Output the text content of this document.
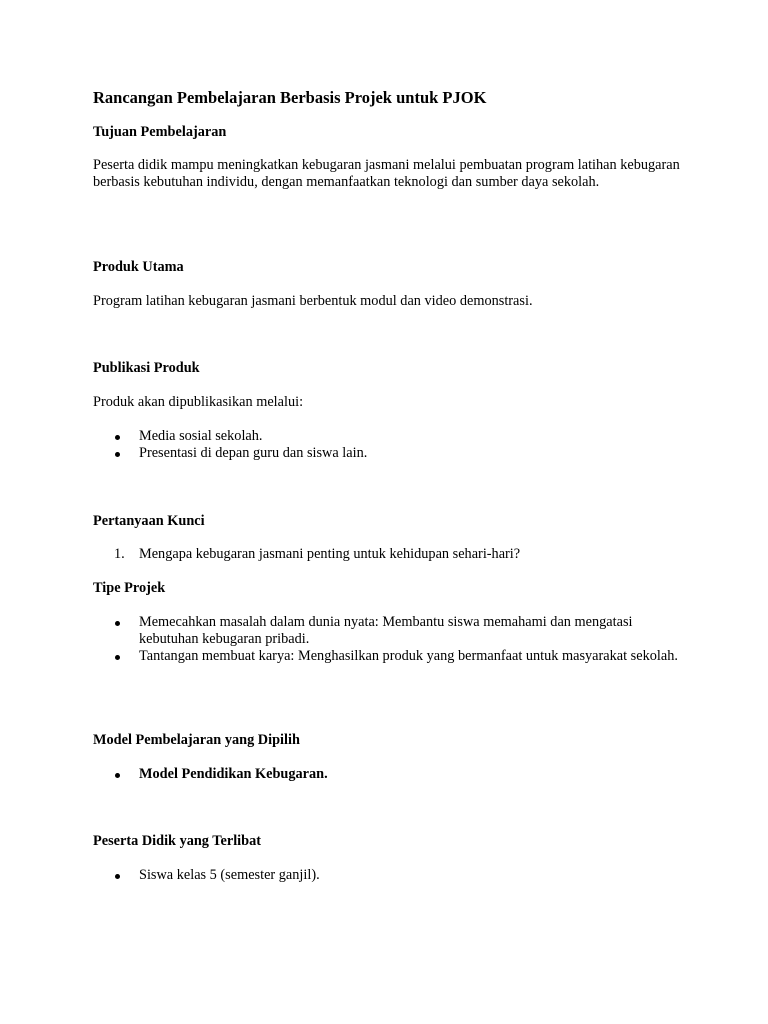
Rancangan Pembelajaran Berbasis Projek untuk PJOK
Tujuan Pembelajaran

Peserta didik mampu meningkatkan kebugaran jasmani melalui pembuatan program latihan kebugaran berbasis kebutuhan individu, dengan memanfaatkan teknologi dan sumber daya sekolah.

Produk Utama

Program latihan kebugaran jasmani berbentuk modul dan video demonstrasi.

Publikasi Produk

Produk akan dipublikasikan melalui:

Media sosial sekolah.
Presentasi di depan guru dan siswa lain.
Pertanyaan Kunci
1. Mengapa kebugaran jasmani penting untuk kehidupan sehari-hari?
Tipe Projek
Memecahkan masalah dalam dunia nyata: Membantu siswa memahami dan mengatasi kebutuhan kebugaran pribadi.
Tantangan membuat karya: Menghasilkan produk yang bermanfaat untuk masyarakat sekolah.
Model Pembelajaran yang Dipilih
Model Pendidikan Kebugaran.
Peserta Didik yang Terlibat
Siswa kelas 5 (semester ganjil).
